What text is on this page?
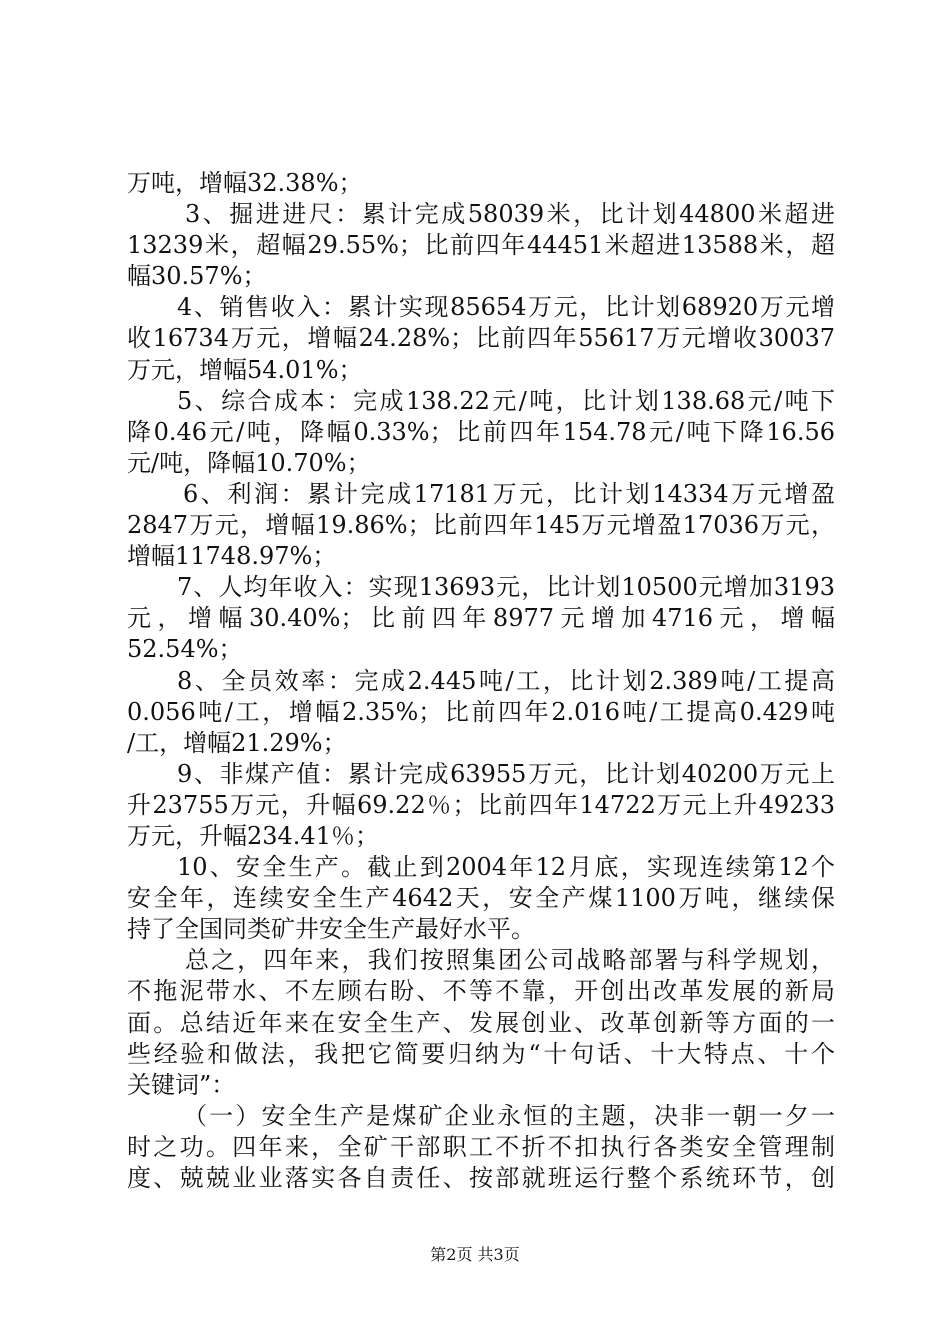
万吨，增幅32.38%；
3、掘进进尺：累计完成58039米，比计划44800米超进
13239米，超幅29.55%；比前四年44451米超进13588米，超
幅30.57%；
4、销售收入：累计实现85654万元，比计划68920万元增
收16734万元，增幅24.28%；比前四年55617万元增收30037
万元，增幅54.01%；
5、综合成本：完成138.22元/吨，比计划138.68元/吨下
降0.46元/吨，降幅0.33%；比前四年154.78元/吨下降16.56
元/吨，降幅10.70%；
6、利润：累计完成17181万元，比计划14334万元增盈
2847万元，增幅19.86%；比前四年145万元增盈17036万元，
增幅11748.97%；
7、人均年收入：实现13693元，比计划10500元增加3193
元，增幅30.40%；比前四年8977元增加4716元，增幅
52.54%；
8、全员效率：完成2.445吨/工，比计划2.389吨/工提高
0.056吨/工，增幅2.35%；比前四年2.016吨/工提高0.429吨
/工，增幅21.29%；
9、非煤产值：累计完成63955万元，比计划40200万元上
升23755万元，升幅69.22％；比前四年14722万元上升49233
万元，升幅234.41％；
10、安全生产。截止到2004年12月底，实现连续第12个
安全年，连续安全生产4642天，安全产煤1100万吨，继续保
持了全国同类矿井安全生产最好水平。
总之，四年来，我们按照集团公司战略部署与科学规划，
不拖泥带水、不左顾右盼、不等不靠，开创出改革发展的新局
面。总结近年来在安全生产、发展创业、改革创新等方面的一
些经验和做法，我把它简要归纳为“十句话、十大特点、十个
关键词”：
（一）安全生产是煤矿企业永恒的主题，决非一朝一夕一
时之功。四年来，全矿干部职工不折不扣执行各类安全管理制
度、兢兢业业落实各自责任、按部就班运行整个系统环节，创
第2页 共3页
